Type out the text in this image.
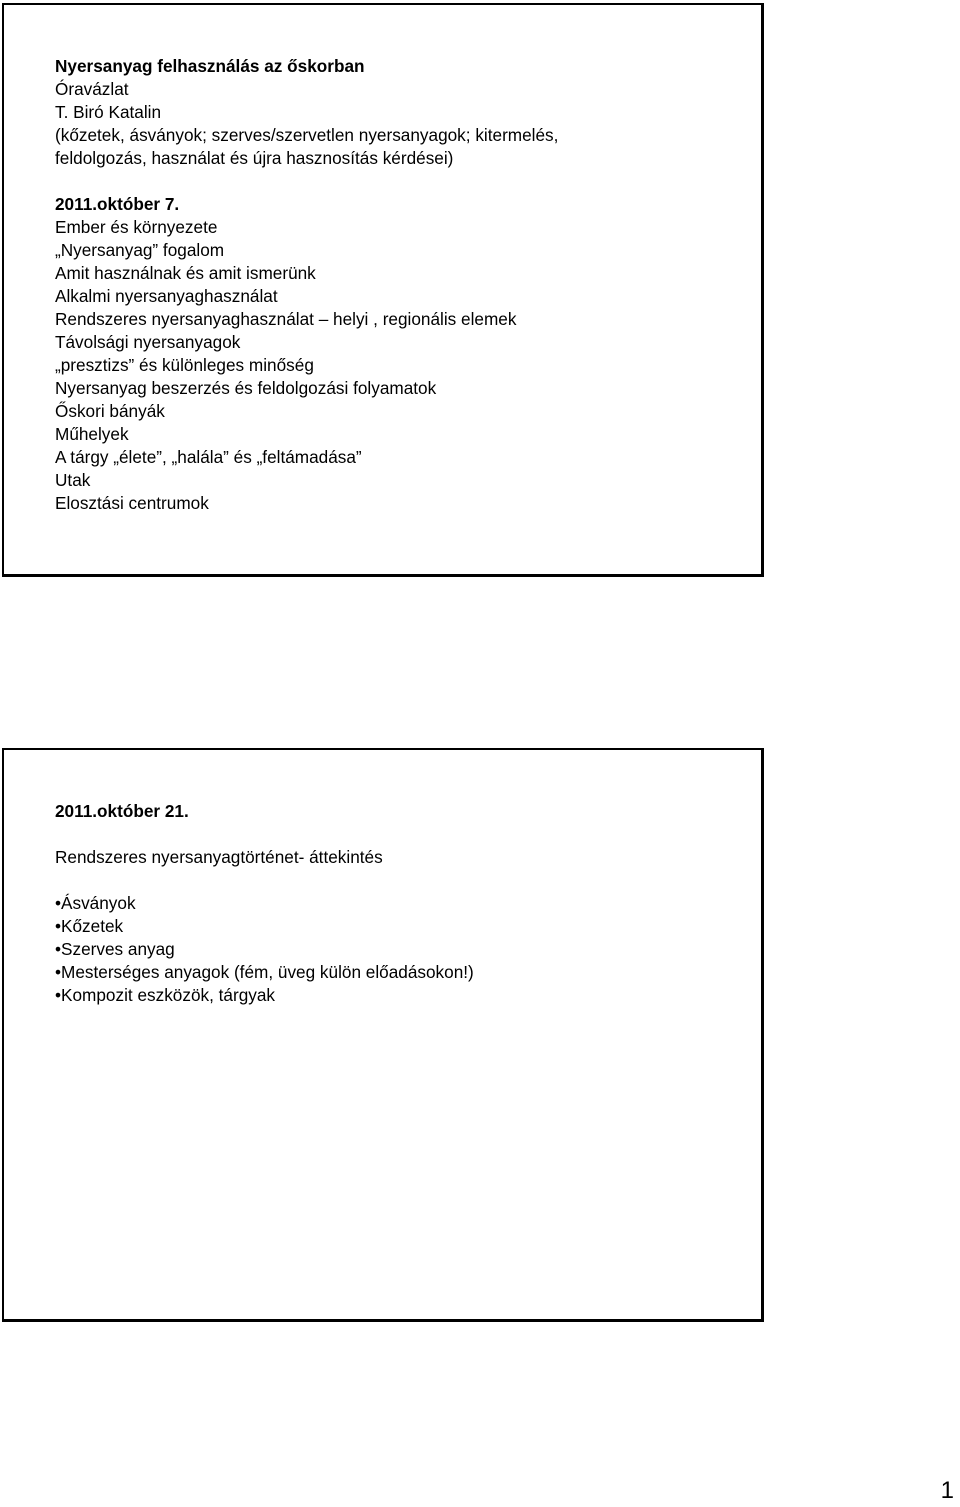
Nyersanyag felhasználás az őskorban
Óravázlat
T. Biró Katalin
(kőzetek, ásványok; szerves/szervetlen nyersanyagok; kitermelés,
feldolgozás, használat és újra hasznosítás kérdései)
2011.október 7.
Ember és környezete
„Nyersanyag” fogalom
Amit használnak és amit ismerünk
Alkalmi nyersanyaghasználat
Rendszeres nyersanyaghasználat – helyi , regionális elemek
Távolsági nyersanyagok
„presztizs” és különleges minőség
Nyersanyag beszerzés és feldolgozási folyamatok
Őskori bányák
Műhelyek
A tárgy „élete”, „halála” és „feltámadása”
Utak
Elosztási centrumok
2011.október 21.
Rendszeres nyersanyagtörténet- áttekintés
• Ásványok
• Kőzetek
• Szerves anyag
• Mesterséges anyagok (fém, üveg külön előadásokon!)
• Kompozit eszközök, tárgyak
1
